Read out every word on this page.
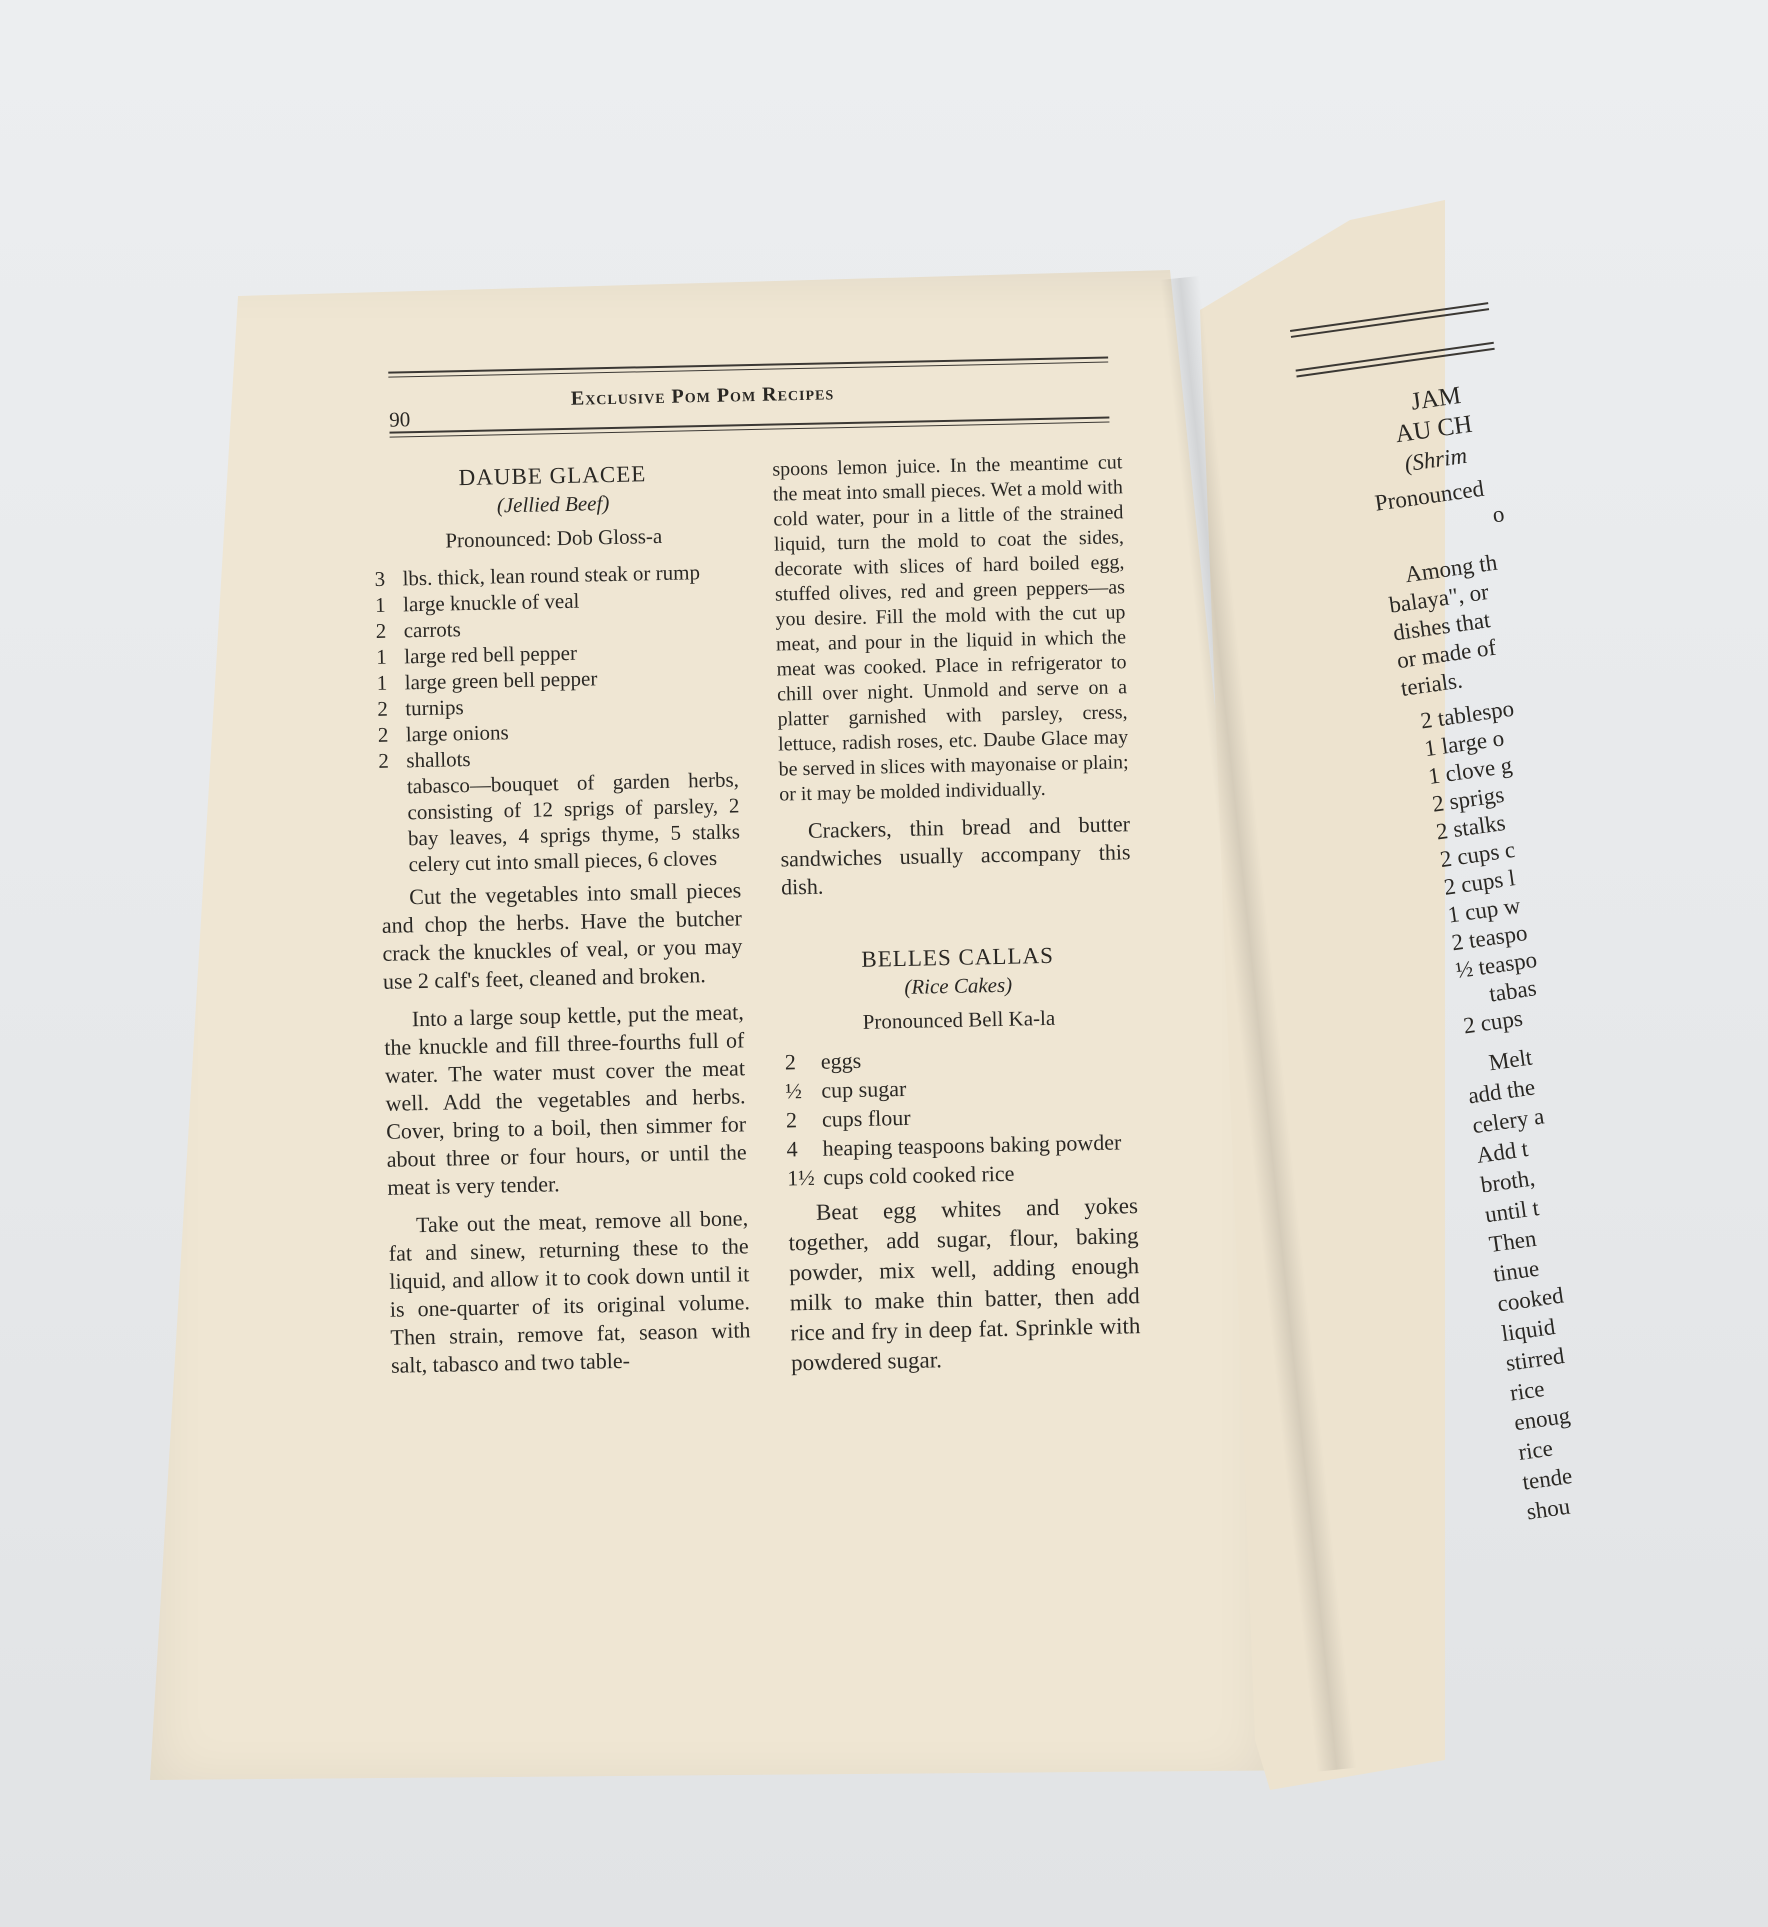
90
Exclusive Pom Pom Recipes
DAUBE GLACEE
(Jellied Beef)
Pronounced: Dob Gloss-a
3 lbs. thick, lean round steak or rump
1 large knuckle of veal
2 carrots
1 large red bell pepper
1 large green bell pepper
2 turnips
2 large onions
2 shallots
tabasco—bouquet of garden herbs, consisting of 12 sprigs of parsley, 2 bay leaves, 4 sprigs thyme, 5 stalks celery cut into small pieces, 6 cloves
Cut the vegetables into small pieces and chop the herbs. Have the butcher crack the knuckles of veal, or you may use 2 calf's feet, cleaned and broken.
Into a large soup kettle, put the meat, the knuckle and fill three-fourths full of water. The water must cover the meat well. Add the vegetables and herbs. Cover, bring to a boil, then simmer for about three or four hours, or until the meat is very tender.
Take out the meat, remove all bone, fat and sinew, returning these to the liquid, and allow it to cook down until it is one-quarter of its original volume. Then strain, remove fat, season with salt, tabasco and two table-
spoons lemon juice. In the meantime cut the meat into small pieces. Wet a mold with cold water, pour in a little of the strained liquid, turn the mold to coat the sides, decorate with slices of hard boiled egg, stuffed olives, red and green peppers—as you desire. Fill the mold with the cut up meat, and pour in the liquid in which the meat was cooked. Place in refrigerator to chill over night. Unmold and serve on a platter garnished with parsley, cress, lettuce, radish roses, etc. Daube Glace may be served in slices with mayonaise or plain; or it may be molded individually.
Crackers, thin bread and butter sandwiches usually accompany this dish.
BELLES CALLAS
(Rice Cakes)
Pronounced Bell Ka-la
2	eggs
½ cup sugar
2	cups flour
4	heaping teaspoons baking powder
1½ cups cold cooked rice
Beat egg whites and yokes together, add sugar, flour, baking powder, mix well, adding enough milk to make thin batter, then add rice and fry in deep fat. Sprinkle with powdered sugar.
JAM
AU CH
(Shrim
Pronounced o
Among th
balaya", or
dishes that
or made of
terials.
2 tablespo
1 large o
1 clove g
2 sprigs
2 stalks
2 cups c
2 cups l
1 cup w
2 teaspo
½ teaspo
tabas
2 cups
Melt
add the
celery a
Add t
broth,
until t
Then
tinue
cooked
liquid
stirred
rice
enoug
rice
tende
shou
